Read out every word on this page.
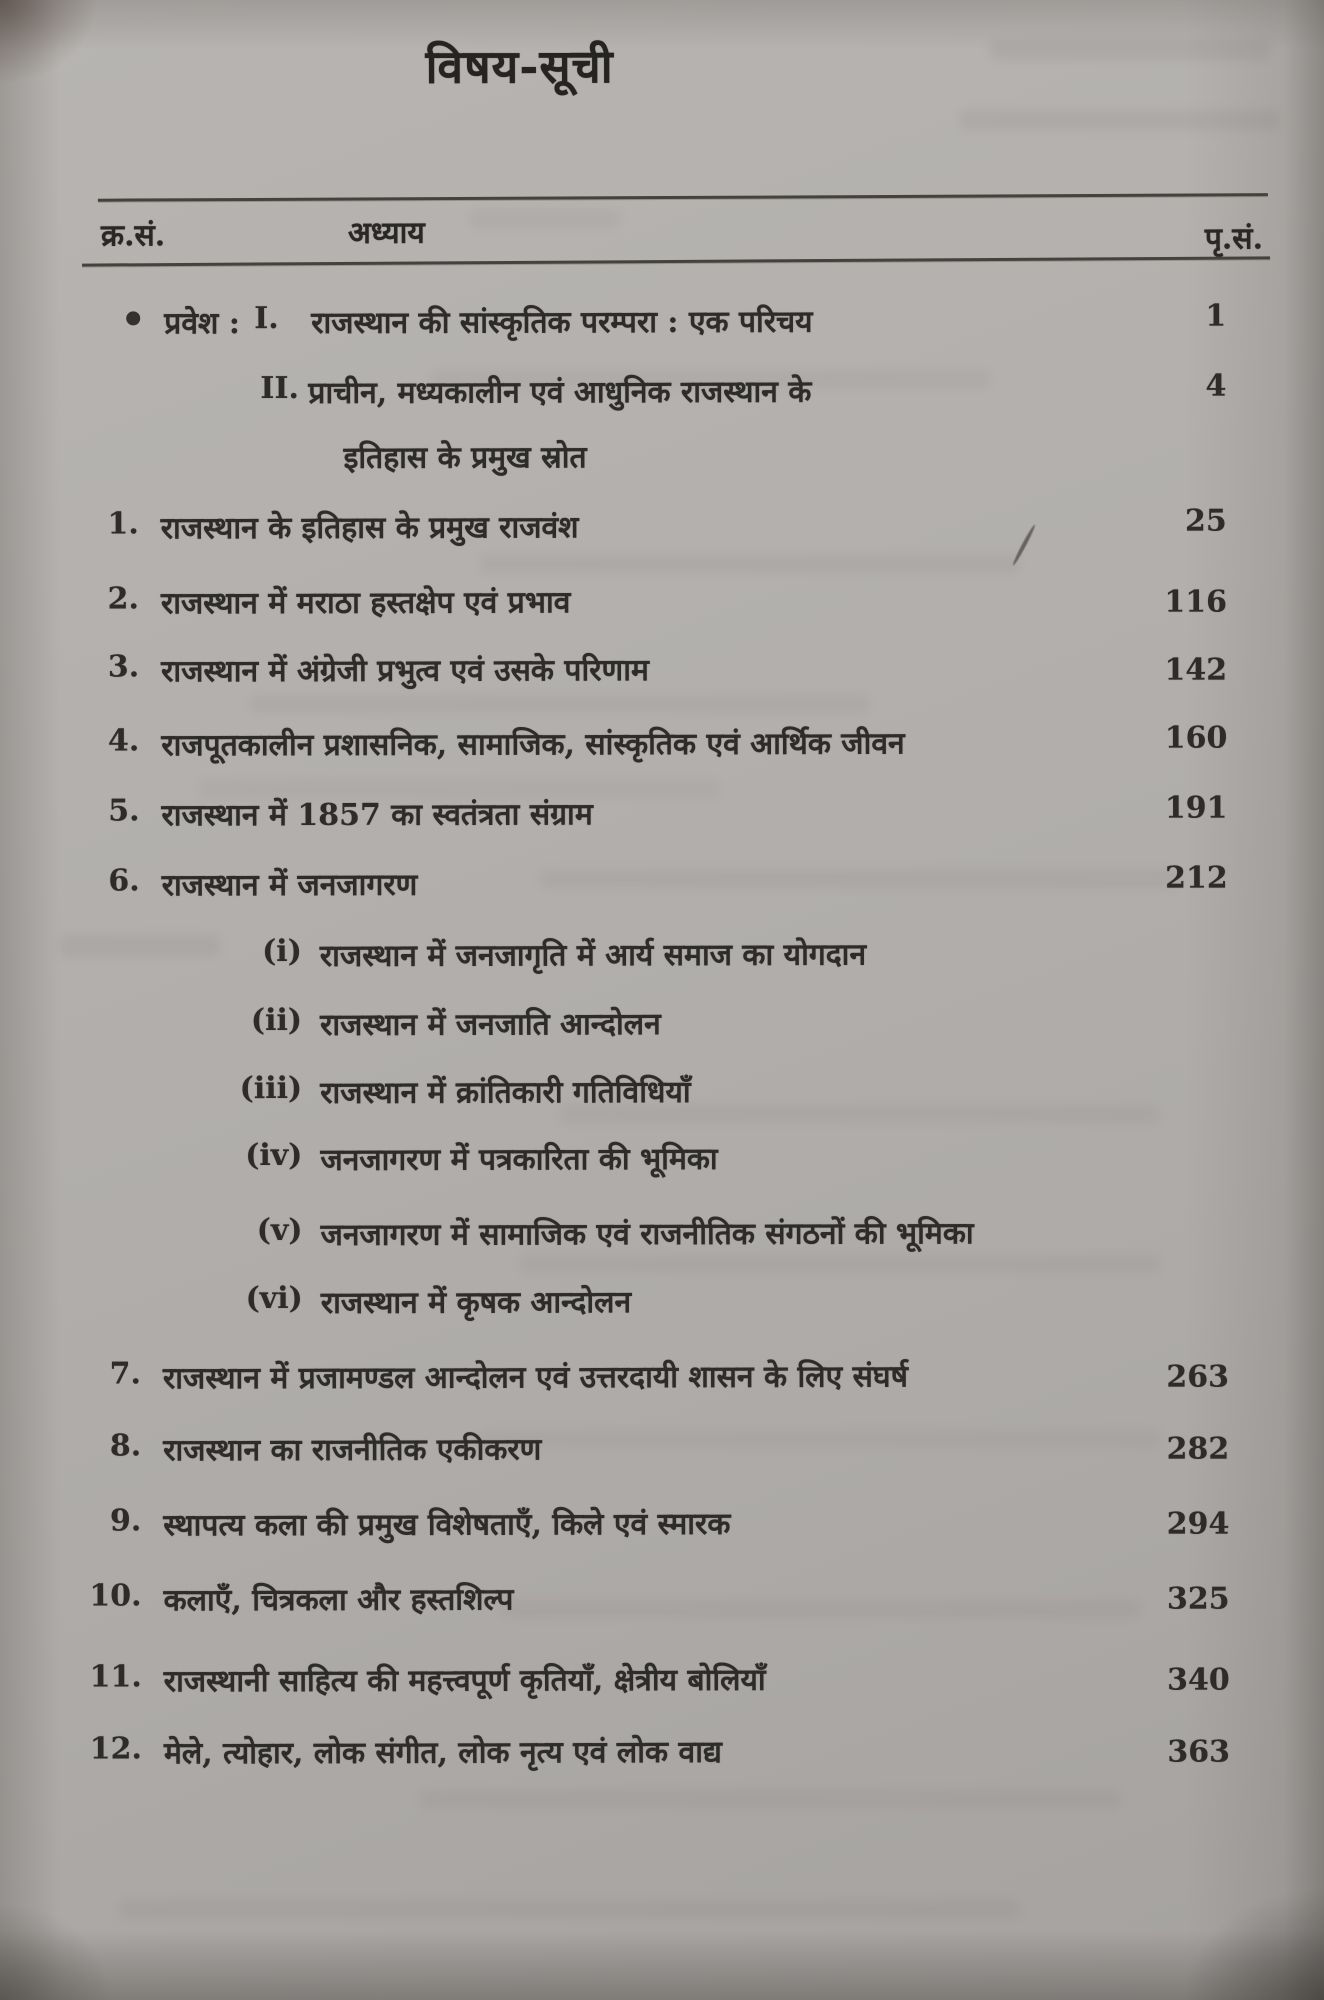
विषय-सूची
क्र.सं.	अध्याय	पृ.सं.
प्रवेश : I. राजस्थान की सांस्कृतिक परम्परा : एक परिचय	1
II. प्राचीन, मध्यकालीन एवं आधुनिक राजस्थान के	4
इतिहास के प्रमुख स्रोत
1. राजस्थान के इतिहास के प्रमुख राजवंश	25
2. राजस्थान में मराठा हस्तक्षेप एवं प्रभाव	116
3. राजस्थान में अंग्रेजी प्रभुत्व एवं उसके परिणाम	142
4. राजपूतकालीन प्रशासनिक, सामाजिक, सांस्कृतिक एवं आर्थिक जीवन	160
5. राजस्थान में 1857 का स्वतंत्रता संग्राम	191
6. राजस्थान में जनजागरण	212
(i) राजस्थान में जनजागृति में आर्य समाज का योगदान
(ii) राजस्थान में जनजाति आन्दोलन
(iii) राजस्थान में क्रांतिकारी गतिविधियाँ
(iv) जनजागरण में पत्रकारिता की भूमिका
(v) जनजागरण में सामाजिक एवं राजनीतिक संगठनों की भूमिका
(vi) राजस्थान में कृषक आन्दोलन
7. राजस्थान में प्रजामण्डल आन्दोलन एवं उत्तरदायी शासन के लिए संघर्ष	263
8. राजस्थान का राजनीतिक एकीकरण	282
9. स्थापत्य कला की प्रमुख विशेषताएँ, किले एवं स्मारक	294
10. कलाएँ, चित्रकला और हस्तशिल्प	325
11. राजस्थानी साहित्य की महत्त्वपूर्ण कृतियाँ, क्षेत्रीय बोलियाँ	340
12. मेले, त्योहार, लोक संगीत, लोक नृत्य एवं लोक वाद्य	363
